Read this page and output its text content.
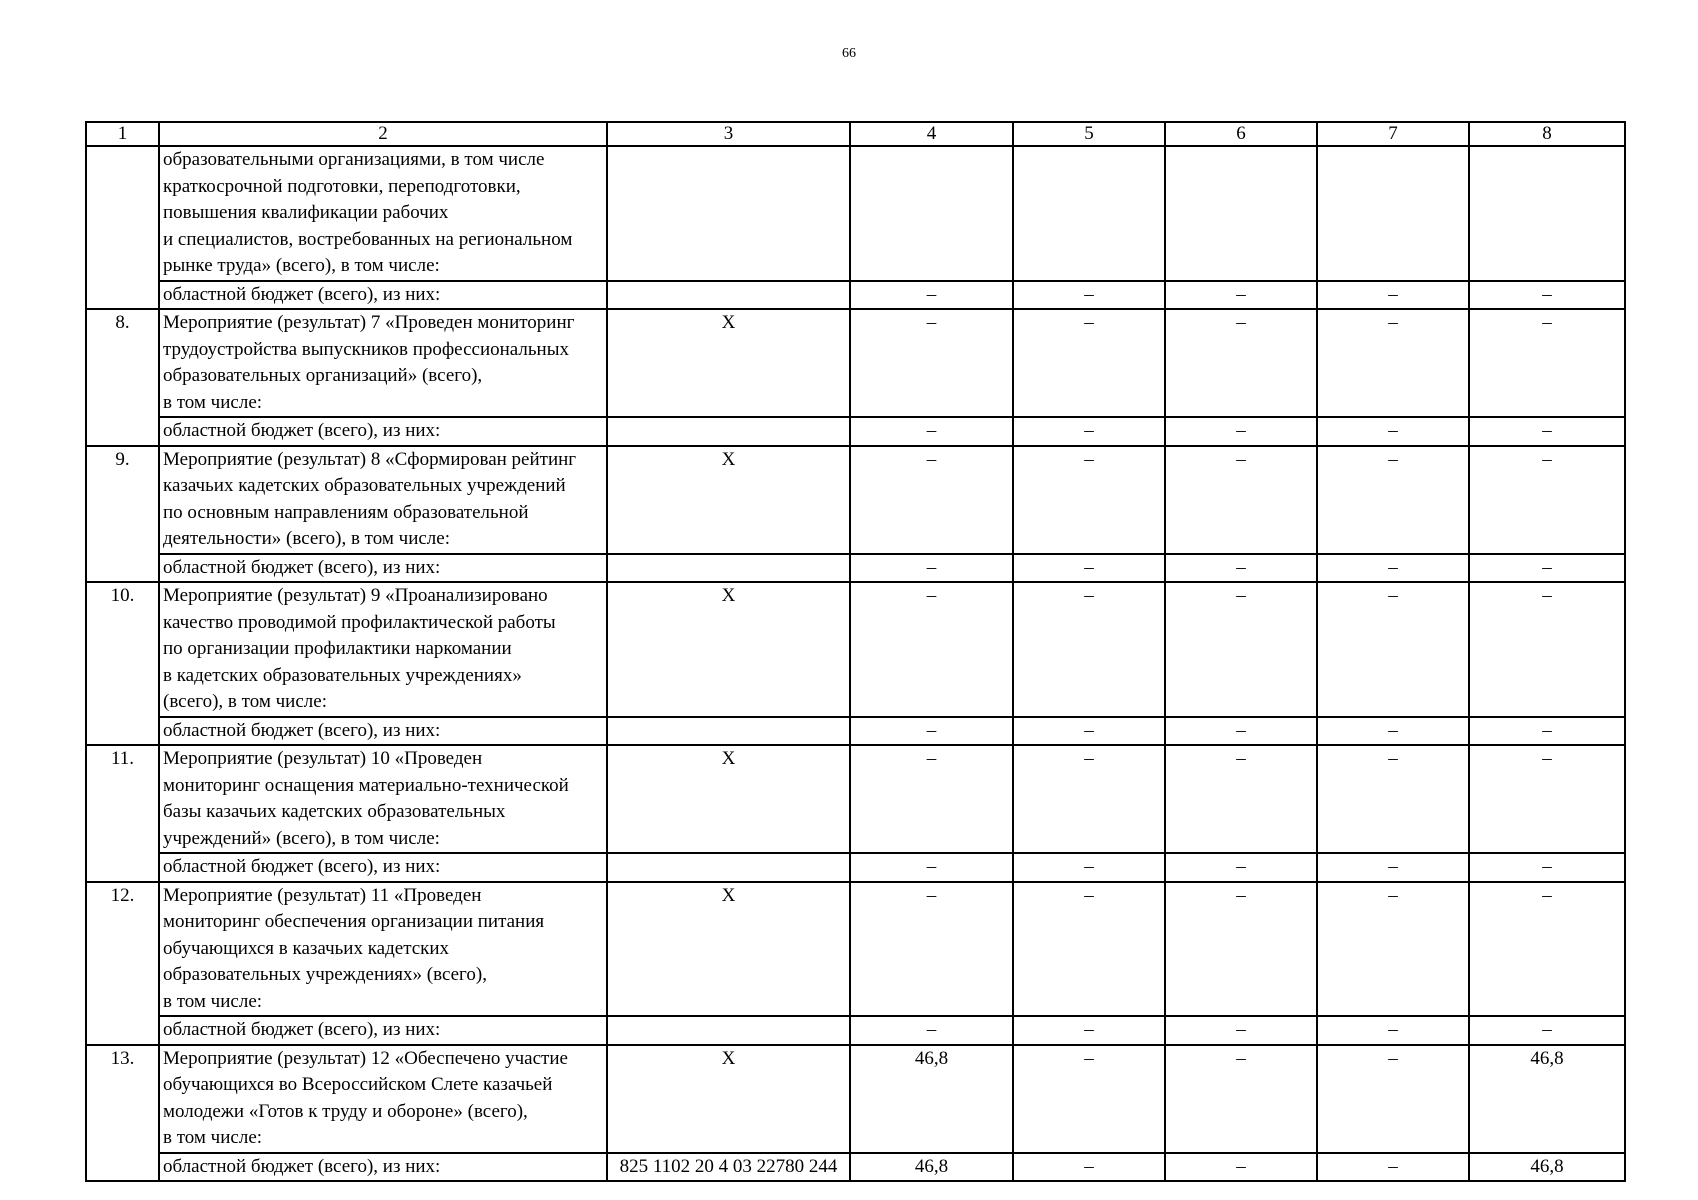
66
1	2	3	4	5	6	7	8

	образовательными организациями, в том числе
краткосрочной подготовки, переподготовки,
повышения квалификации рабочих
и специалистов, востребованных на региональном
рынке труда» (всего), в том числе:						

	областной бюджет (всего), из них:		–	–	–	–	–
8.	Мероприятие (результат) 7 «Проведен мониторинг
трудоустройства выпускников профессиональных
образовательных организаций» (всего),
в том числе:	Х	–	–	–	–	–
	областной бюджет (всего), из них:		–	–	–	–	–
9.	Мероприятие (результат) 8 «Сформирован рейтинг
казачьих кадетских образовательных учреждений
по основным направлениям образовательной
деятельности» (всего), в том числе:	Х	–	–	–	–	–
	областной бюджет (всего), из них:		–	–	–	–	–
10.	Мероприятие (результат) 9 «Проанализировано
качество проводимой профилактической работы
по организации профилактики наркомании
в кадетских образовательных учреждениях»
(всего), в том числе:	Х	–	–	–	–	–
	областной бюджет (всего), из них:		–	–	–	–	–
11.	Мероприятие (результат) 10 «Проведен
мониторинг оснащения материально-технической
базы казачьих кадетских образовательных
учреждений» (всего), в том числе:	Х	–	–	–	–	–
	областной бюджет (всего), из них:		–	–	–	–	–
12.	Мероприятие (результат) 11 «Проведен
мониторинг обеспечения организации питания
обучающихся в казачьих кадетских
образовательных учреждениях» (всего),
в том числе:	Х	–	–	–	–	–
	областной бюджет (всего), из них:		–	–	–	–	–
13.	Мероприятие (результат) 12 «Обеспечено участие
обучающихся во Всероссийском Слете казачьей
молодежи «Готов к труду и обороне» (всего),
в том числе:	Х	46,8	–	–	–	46,8
	областной бюджет (всего), из них:	825 1102 20 4 03 22780 244	46,8	–	–	–	46,8
